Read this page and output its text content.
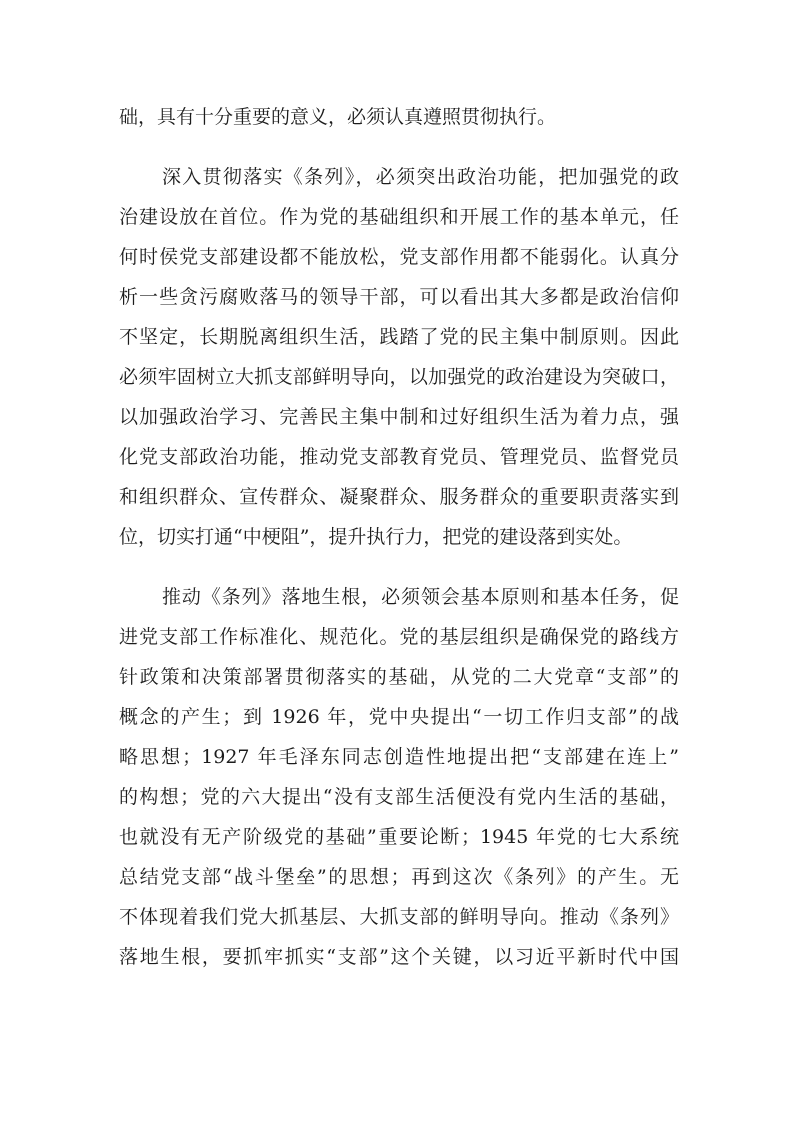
础，具有十分重要的意义，必须认真遵照贯彻执行。
深入贯彻落实《条列》，必须突出政治功能，把加强党的政
治建设放在首位。作为党的基础组织和开展工作的基本单元，任
何时侯党支部建设都不能放松，党支部作用都不能弱化。认真分
析一些贪污腐败落马的领导干部，可以看出其大多都是政治信仰
不坚定，长期脱离组织生活，践踏了党的民主集中制原则。因此
必须牢固树立大抓支部鲜明导向，以加强党的政治建设为突破口，
以加强政治学习、完善民主集中制和过好组织生活为着力点，强
化党支部政治功能，推动党支部教育党员、管理党员、监督党员
和组织群众、宣传群众、凝聚群众、服务群众的重要职责落实到
位，切实打通“中梗阻”，提升执行力，把党的建设落到实处。
推动《条列》落地生根，必须领会基本原则和基本任务，促
进党支部工作标准化、规范化。党的基层组织是确保党的路线方
针政策和决策部署贯彻落实的基础，从党的二大党章“支部”的
概念的产生；到 1926 年，党中央提出“一切工作归支部”的战
略思想；1927 年毛泽东同志创造性地提出把“支部建在连上”
的构想；党的六大提出“没有支部生活便没有党内生活的基础，
也就没有无产阶级党的基础”重要论断；1945 年党的七大系统
总结党支部“战斗堡垒”的思想；再到这次《条列》的产生。无
不体现着我们党大抓基层、大抓支部的鲜明导向。推动《条列》
落地生根，要抓牢抓实“支部”这个关键，以习近平新时代中国
